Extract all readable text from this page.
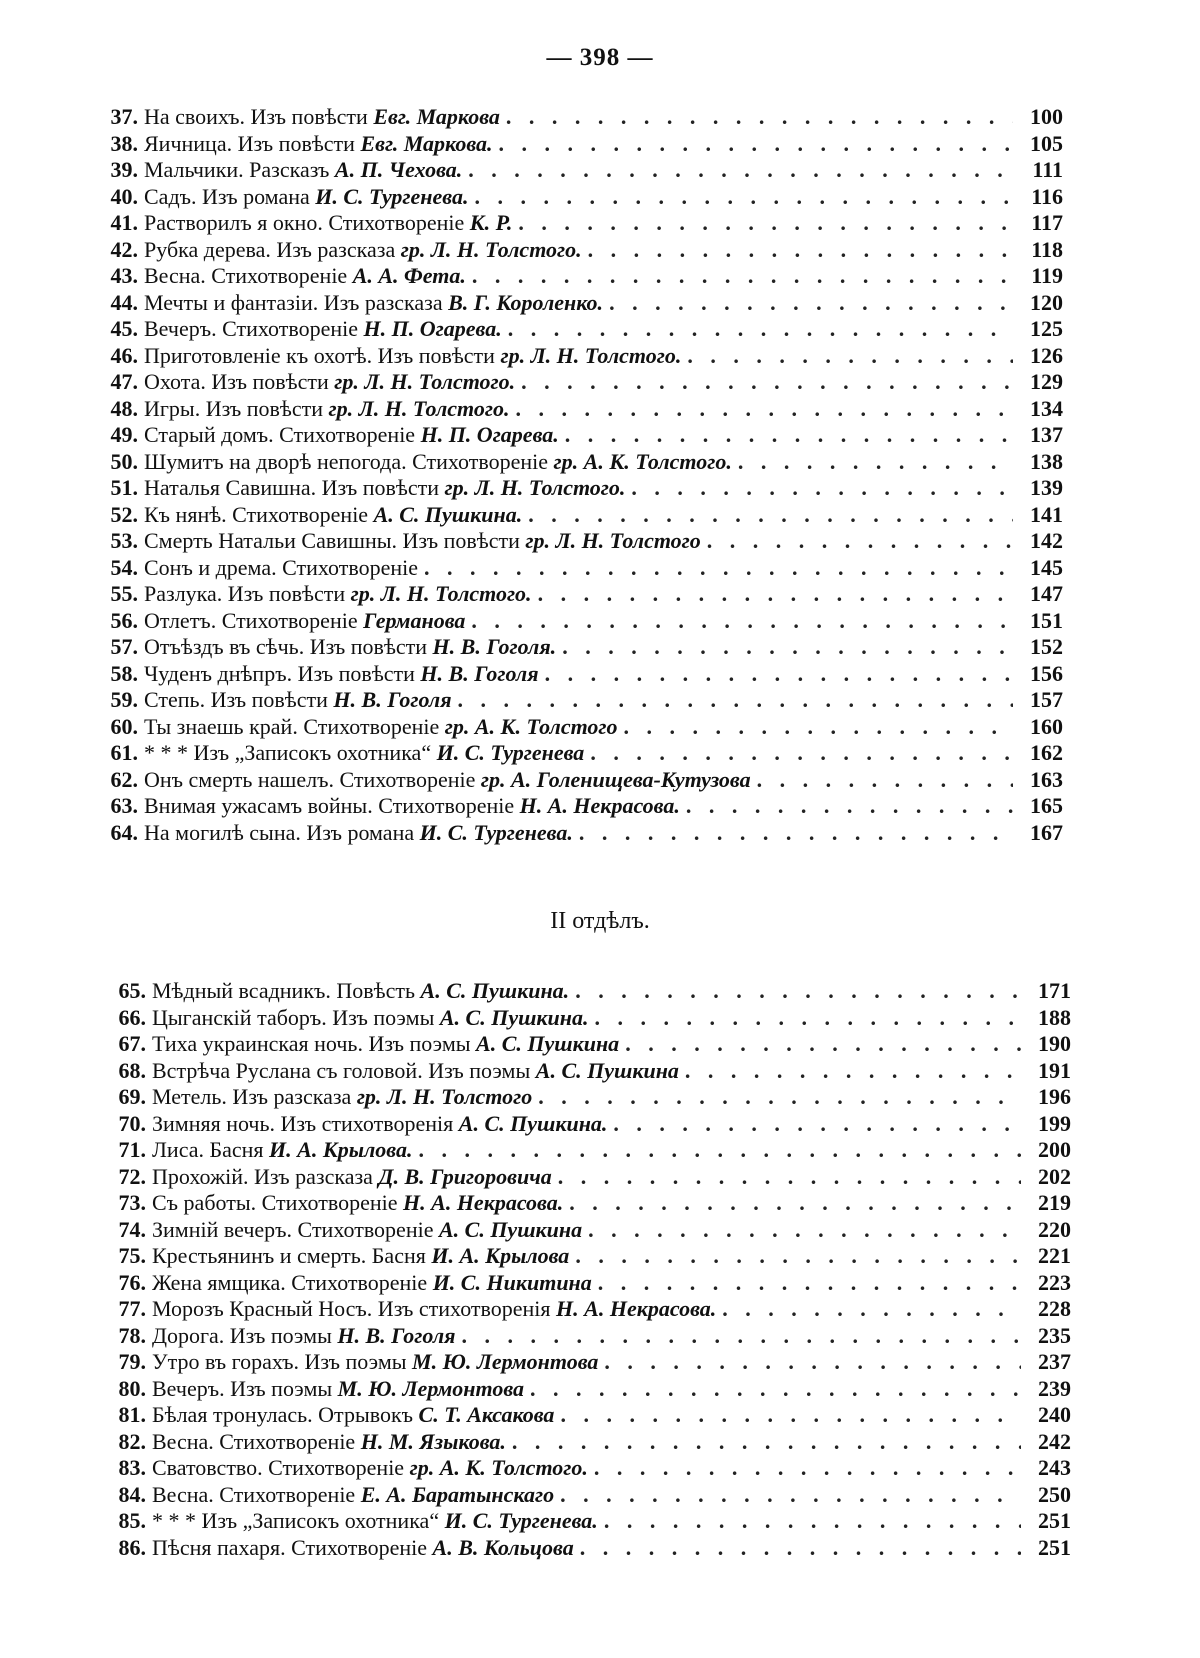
— 398 —
37. На своихъ. Изъ повѣсти Евг. Маркова . . .	100
38. Яичница. Изъ повѣсти Евг. Маркова. . . .	105
39. Мальчики. Разсказъ А. П. Чехова. . . .	111
40. Садъ. Изъ романа И. С. Тургенева. . . .	116
41. Растворилъ я окно. Стихотвореніе К. Р. . . .	117
42. Рубка дерева. Изъ разсказа гр. Л. Н. Толстого. . . .	118
43. Весна. Стихотвореніе А. А. Фета. . . .	119
44. Мечты и фантазіи. Изъ разсказа В. Г. Короленко. . . .	120
45. Вечеръ. Стихотвореніе Н. П. Огарева. . . .	125
46. Приготовленіе къ охотѣ. Изъ повѣсти гр. Л. Н. Толстого. . . .	126
47. Охота. Изъ повѣсти гр. Л. Н. Толстого. . . .	129
48. Игры. Изъ повѣсти гр. Л. Н. Толстого. . . .	134
49. Старый домъ. Стихотвореніе Н. П. Огарева. . . .	137
50. Шумитъ на дворѣ непогода. Стихотвореніе гр. А. К. Толстого. . . .	138
51. Наталья Савишна. Изъ повѣсти гр. Л. Н. Толстого. . . .	139
52. Къ нянѣ. Стихотвореніе А. С. Пушкина. . . .	141
53. Смерть Натальи Савишны. Изъ повѣсти гр. Л. Н. Толстого . . .	142
54. Сонъ и дрема. Стихотвореніе . . .	145
55. Разлука. Изъ повѣсти гр. Л. Н. Толстого. . . .	147
56. Отлетъ. Стихотвореніе Германова . . .	151
57. Отъѣздъ въ сѣчь. Изъ повѣсти Н. В. Гоголя. . . .	152
58. Чуденъ днѣпръ. Изъ повѣсти Н. В. Гоголя . . .	156
59. Степь. Изъ повѣсти Н. В. Гоголя . . .	157
60. Ты знаешь край. Стихотвореніе гр. А. К. Толстого . . .	160
61. * * * Изъ „Записокъ охотника“ И. С. Тургенева . . .	162
62. Онъ смерть нашелъ. Стихотвореніе гр. А. Голенищева-Кутузова . . .	163
63. Внимая ужасамъ войны. Стихотвореніе Н. А. Некрасова. . . .	165
64. На могилѣ сына. Изъ романа И. С. Тургенева. . . .	167
II отдѣлъ.
65. Мѣдный всадникъ. Повѣсть А. С. Пушкина. . . .	171
66. Цыганскій таборъ. Изъ поэмы А. С. Пушкина. . . .	188
67. Тиха украинская ночь. Изъ поэмы А. С. Пушкина . . .	190
68. Встрѣча Руслана съ головой. Изъ поэмы А. С. Пушкина . . .	191
69. Метель. Изъ разсказа гр. Л. Н. Толстого . . .	196
70. Зимняя ночь. Изъ стихотворенія А. С. Пушкина. . . .	199
71. Лиса. Басня И. А. Крылова. . . .	200
72. Прохожій. Изъ разсказа Д. В. Григоровича . . .	202
73. Съ работы. Стихотвореніе Н. А. Некрасова. . . .	219
74. Зимній вечеръ. Стихотвореніе А. С. Пушкина . . .	220
75. Крестьянинъ и смерть. Басня И. А. Крылова . . .	221
76. Жена ямщика. Стихотвореніе И. С. Никитина . . .	223
77. Морозъ Красный Носъ. Изъ стихотворенія Н. А. Некрасова. . . .	228
78. Дорога. Изъ поэмы Н. В. Гоголя . . .	235
79. Утро въ горахъ. Изъ поэмы М. Ю. Лермонтова . . .	237
80. Вечеръ. Изъ поэмы М. Ю. Лермонтова . . .	239
81. Бѣлая тронулась. Отрывокъ С. Т. Аксакова . . .	240
82. Весна. Стихотвореніе Н. М. Языкова. . . .	242
83. Сватовство. Стихотвореніе гр. А. К. Толстого. . . .	243
84. Весна. Стихотвореніе Е. А. Баратынскаго . . .	250
85. * * * Изъ „Записокъ охотника“ И. С. Тургенева. . . .	251
86. Пѣсня пахаря. Стихотвореніе А. В. Кольцова . . .	251
